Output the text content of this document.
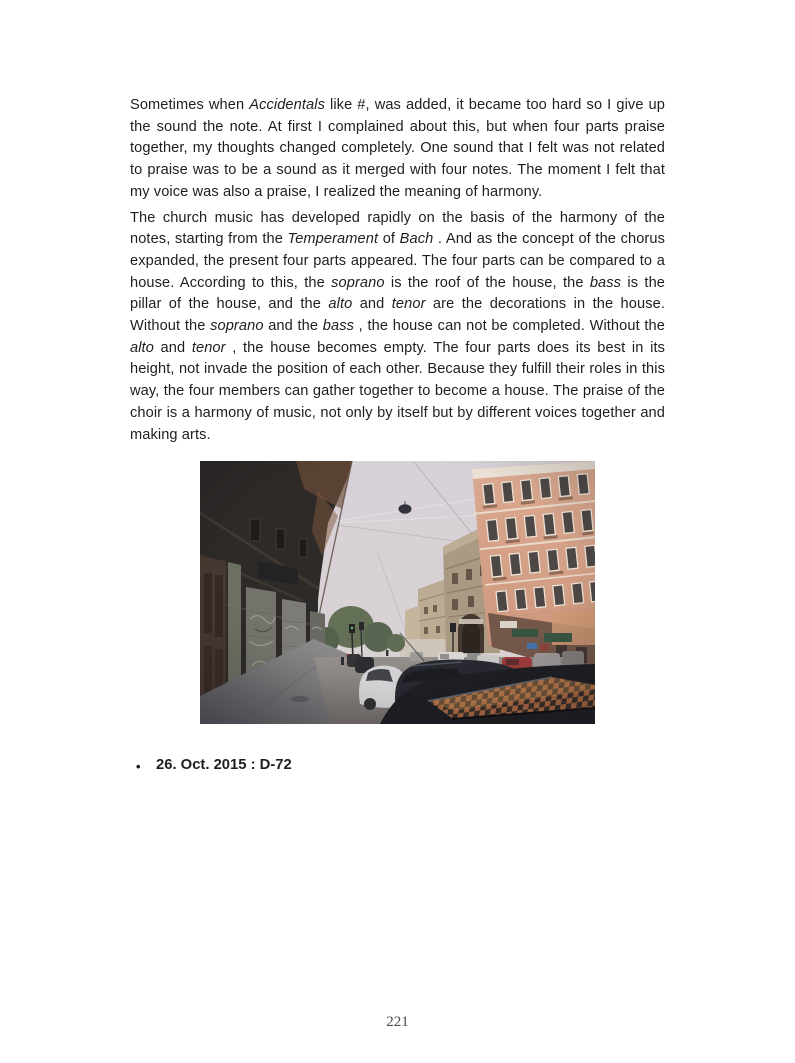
Sometimes when Accidentals like #, was added, it became too hard so I give up the sound the note. At first I complained about this, but when four parts praise together, my thoughts changed completely. One sound that I felt was not related to praise was to be a sound as it merged with four notes. The moment I felt that my voice was also a praise, I realized the meaning of harmony.

The church music has developed rapidly on the basis of the harmony of the notes, starting from the Temperament of Bach . And as the concept of the chorus expanded, the present four parts appeared. The four parts can be compared to a house. According to this, the soprano is the roof of the house, the bass is the pillar of the house, and the alto and tenor are the decorations in the house. Without the soprano and the bass , the house can not be completed. Without the alto and tenor , the house becomes empty. The four parts does its best in its height, not invade the position of each other. Because they fulfill their roles in this way, the four members can gather together to become a house. The praise of the choir is a harmony of music, not only by itself but by different voices together and making arts.

• 26. Oct. 2015 : D-72
221
